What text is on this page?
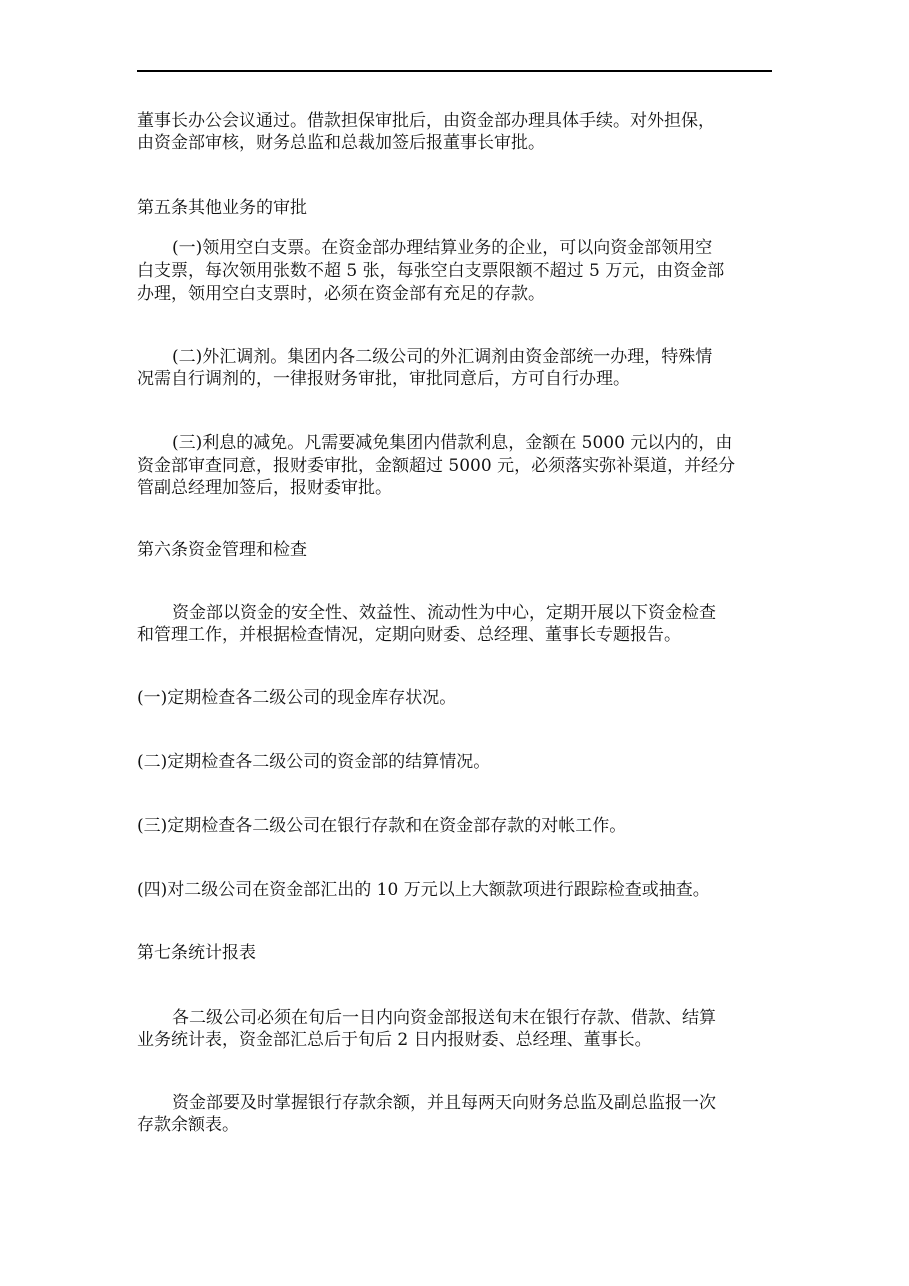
董事长办公会议通过。借款担保审批后，由资金部办理具体手续。对外担保，
由资金部审核，财务总监和总裁加签后报董事长审批。
第五条其他业务的审批
(一)领用空白支票。在资金部办理结算业务的企业，可以向资金部领用空
白支票，每次领用张数不超 5 张，每张空白支票限额不超过 5 万元，由资金部
办理，领用空白支票时，必须在资金部有充足的存款。
(二)外汇调剂。集团内各二级公司的外汇调剂由资金部统一办理，特殊情
况需自行调剂的，一律报财务审批，审批同意后，方可自行办理。
(三)利息的减免。凡需要减免集团内借款利息，金额在 5000 元以内的，由
资金部审查同意，报财委审批，金额超过 5000 元，必须落实弥补渠道，并经分
管副总经理加签后，报财委审批。
第六条资金管理和检查
资金部以资金的安全性、效益性、流动性为中心，定期开展以下资金检查
和管理工作，并根据检查情况，定期向财委、总经理、董事长专题报告。
(一)定期检查各二级公司的现金库存状况。
(二)定期检查各二级公司的资金部的结算情况。
(三)定期检查各二级公司在银行存款和在资金部存款的对帐工作。
(四)对二级公司在资金部汇出的 10 万元以上大额款项进行跟踪检查或抽查。
第七条统计报表
各二级公司必须在旬后一日内向资金部报送旬末在银行存款、借款、结算
业务统计表，资金部汇总后于旬后 2 日内报财委、总经理、董事长。
资金部要及时掌握银行存款余额，并且每两天向财务总监及副总监报一次
存款余额表。
